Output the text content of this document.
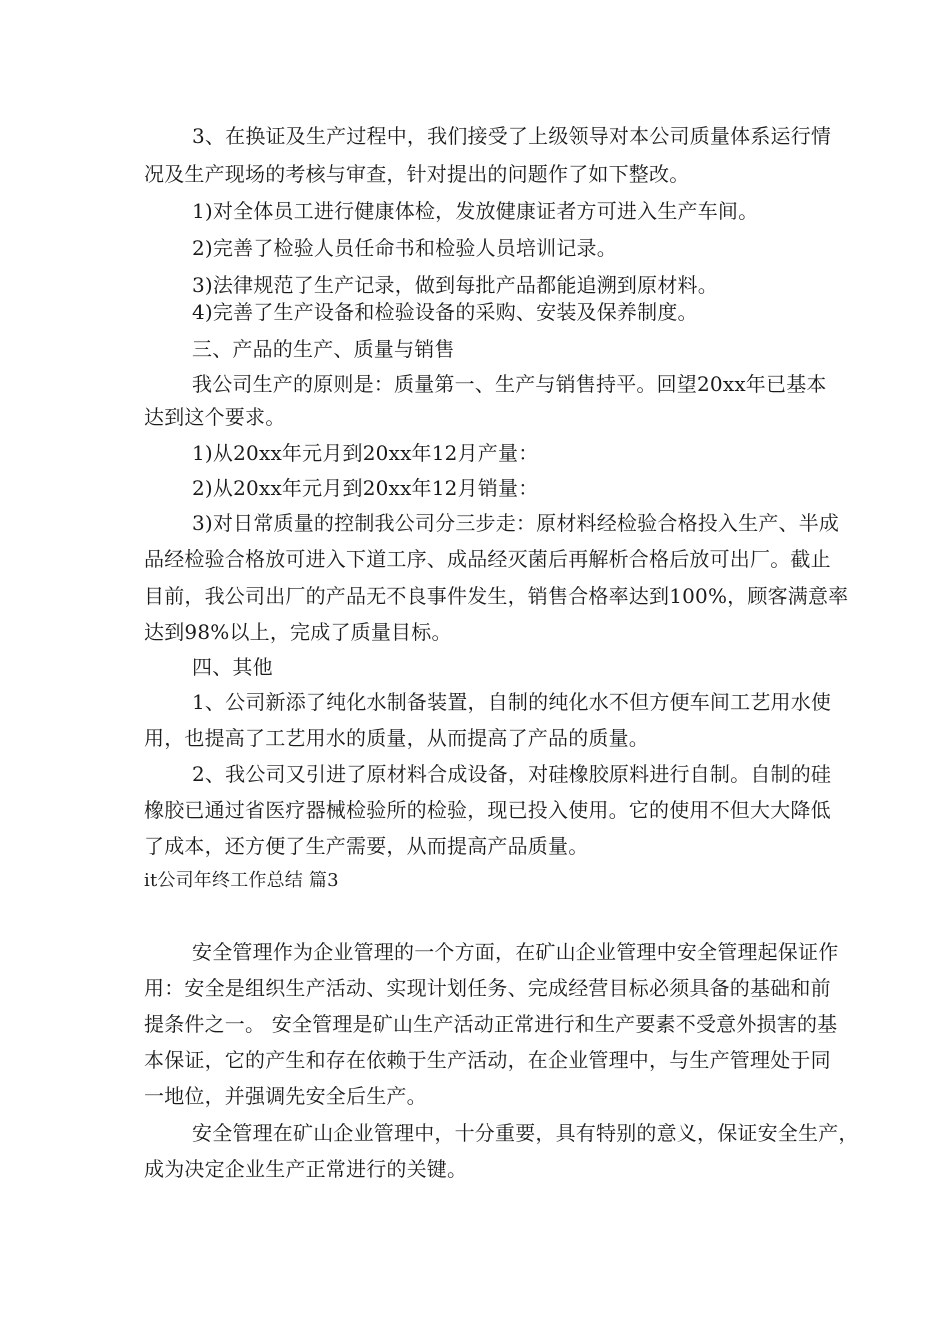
3、在换证及生产过程中，我们接受了上级领导对本公司质量体系运行情
况及生产现场的考核与审查，针对提出的问题作了如下整改。
1)对全体员工进行健康体检，发放健康证者方可进入生产车间。
2)完善了检验人员任命书和检验人员培训记录。
3)法律规范了生产记录，做到每批产品都能追溯到原材料。
4)完善了生产设备和检验设备的采购、安装及保养制度。
三、产品的生产、质量与销售
我公司生产的原则是：质量第一、生产与销售持平。回望20xx年已基本
达到这个要求。
1)从20xx年元月到20xx年12月产量：
2)从20xx年元月到20xx年12月销量：
3)对日常质量的控制我公司分三步走：原材料经检验合格投入生产、半成
品经检验合格放可进入下道工序、成品经灭菌后再解析合格后放可出厂。截止
目前，我公司出厂的产品无不良事件发生，销售合格率达到100%，顾客满意率
达到98%以上，完成了质量目标。
四、其他
1、公司新添了纯化水制备装置，自制的纯化水不但方便车间工艺用水使
用，也提高了工艺用水的质量，从而提高了产品的质量。
2、我公司又引进了原材料合成设备，对硅橡胶原料进行自制。自制的硅
橡胶已通过省医疗器械检验所的检验，现已投入使用。它的使用不但大大降低
了成本，还方便了生产需要，从而提高产品质量。
it公司年终工作总结 篇3
安全管理作为企业管理的一个方面，在矿山企业管理中安全管理起保证作
用：安全是组织生产活动、实现计划任务、完成经营目标必须具备的基础和前
提条件之一。 安全管理是矿山生产活动正常进行和生产要素不受意外损害的基
本保证，它的产生和存在依赖于生产活动，在企业管理中，与生产管理处于同
一地位，并强调先安全后生产。
安全管理在矿山企业管理中，十分重要，具有特别的意义，保证安全生产，
成为决定企业生产正常进行的关键。
